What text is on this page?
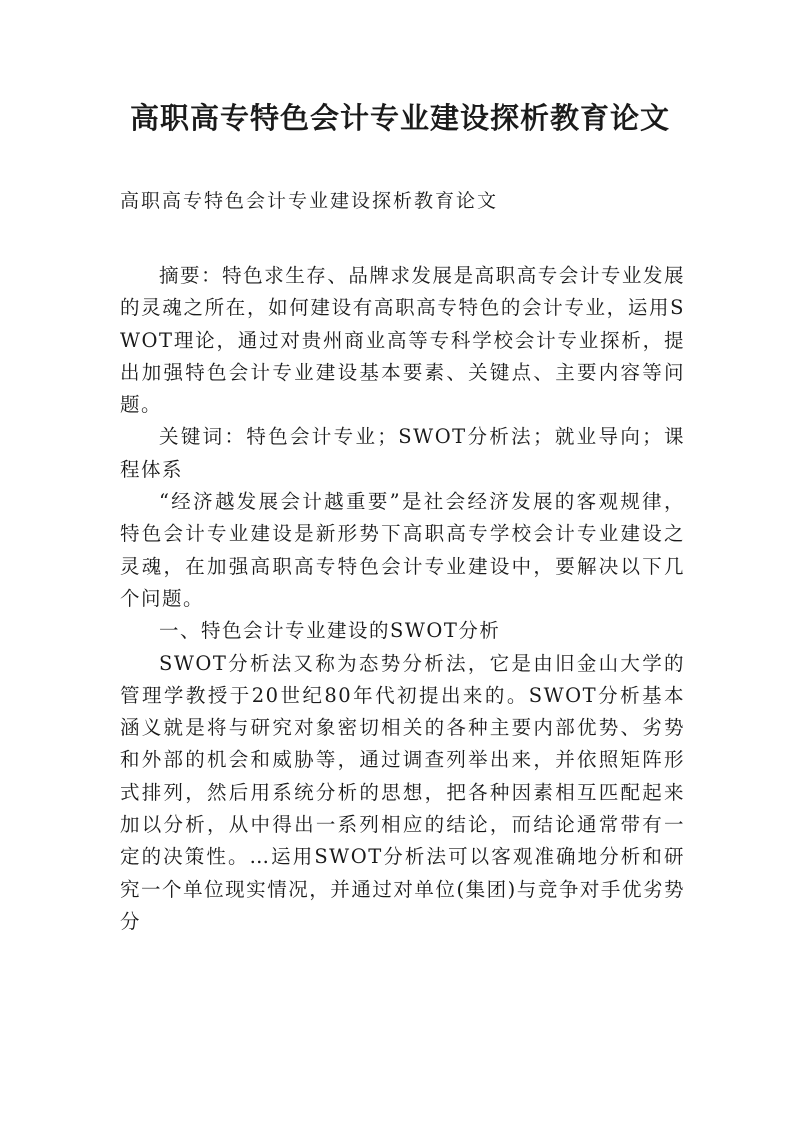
高职高专特色会计专业建设探析教育论文

高职高专特色会计专业建设探析教育论文

摘要：特色求生存、品牌求发展是高职高专会计专业发展的灵魂之所在，如何建设有高职高专特色的会计专业，运用SWOT理论，通过对贵州商业高等专科学校会计专业探析，提出加强特色会计专业建设基本要素、关键点、主要内容等问题。

关键词：特色会计专业；SWOT分析法；就业导向；课程体系

“经济越发展会计越重要”是社会经济发展的客观规律，特色会计专业建设是新形势下高职高专学校会计专业建设之灵魂，在加强高职高专特色会计专业建设中，要解决以下几个问题。

一、特色会计专业建设的SWOT分析

SWOT分析法又称为态势分析法，它是由旧金山大学的管理学教授于20世纪80年代初提出来的。SWOT分析基本涵义就是将与研究对象密切相关的各种主要内部优势、劣势和外部的机会和威胁等，通过调查列举出来，并依照矩阵形式排列，然后用系统分析的思想，把各种因素相互匹配起来加以分析，从中得出一系列相应的结论，而结论通常带有一定的决策性。…运用SWOT分析法可以客观准确地分析和研究一个单位现实情况，并通过对单位(集团)与竞争对手优劣势分
